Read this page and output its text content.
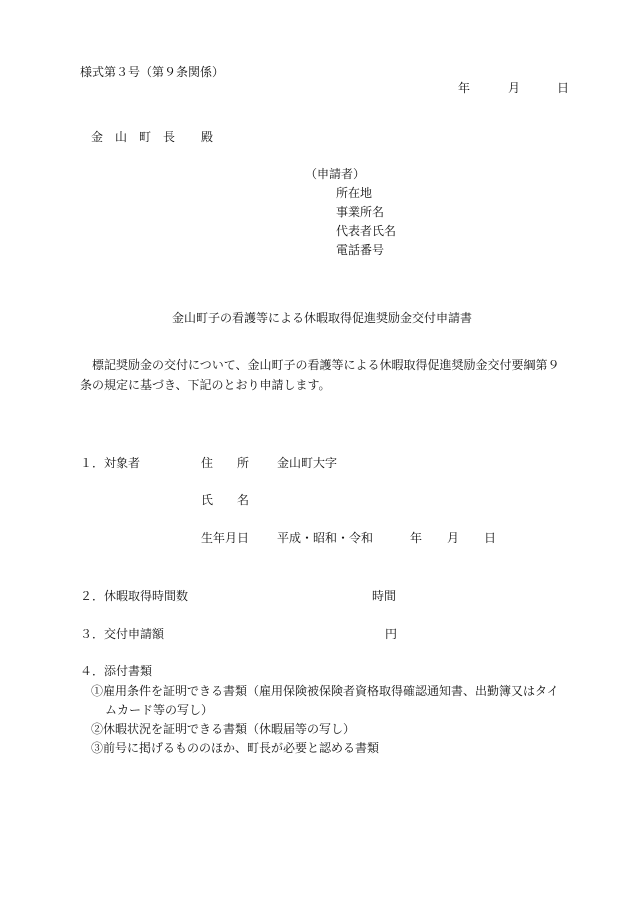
様式第３号（第９条関係）
年	月	日
金　山　町　長 殿
（申請者）
所在地
事業所名
代表者氏名
電話番号
金山町子の看護等による休暇取得促進奨励金交付申請書
標記奨励金の交付について、金山町子の看護等による休暇取得促進奨励金交付要綱第９
条の規定に基づき、下記のとおり申請します。
１．対象者	住　　所 金山町大字
氏　　名
生年月日 平成・昭和・令和	年 月 日
２．休暇取得時間数	時間
３．交付申請額	円
４．添付書類
①雇用条件を証明できる書類（雇用保険被保険者資格取得確認通知書、出勤簿又はタイ
ムカード等の写し）
②休暇状況を証明できる書類（休暇届等の写し）
③前号に掲げるもののほか、町長が必要と認める書類
